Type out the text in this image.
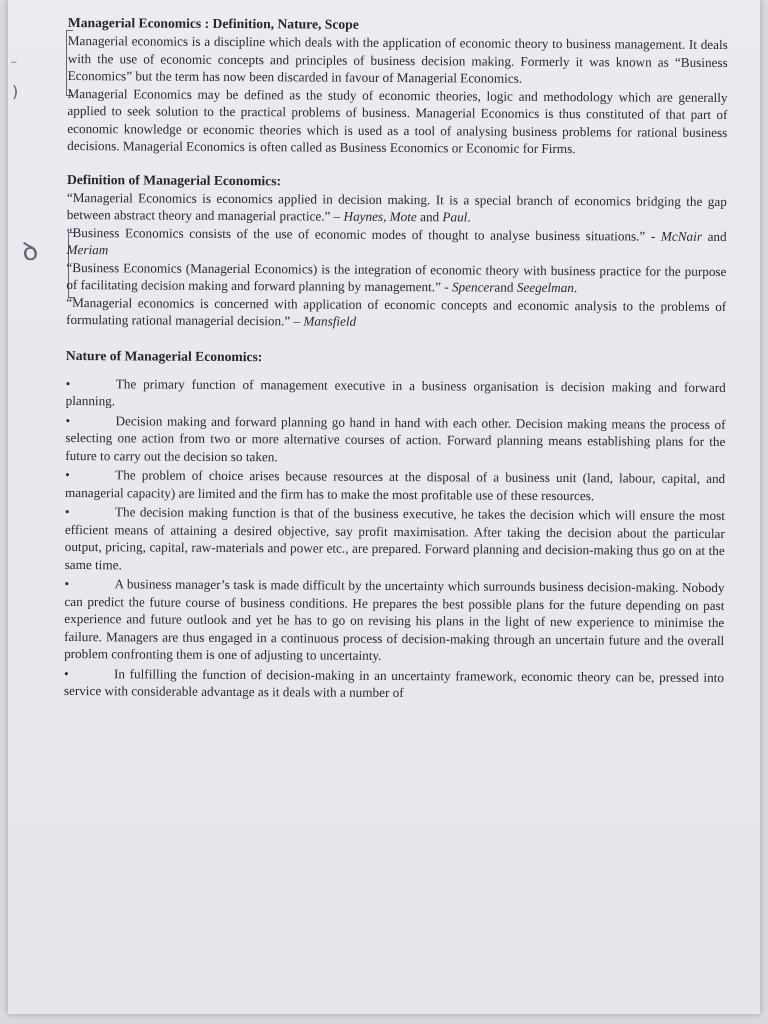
~
)
ꝺ
Managerial Economics : Definition, Nature, Scope

Managerial economics is a discipline which deals with the application of economic theory to business management. It deals with the use of economic concepts and principles of business decision making. Formerly it was known as “Business Economics” but the term has now been discarded in favour of Managerial Economics.

Managerial Economics may be defined as the study of economic theories, logic and methodology which are generally applied to seek solution to the practical problems of business. Managerial Economics is thus constituted of that part of economic knowledge or economic theories which is used as a tool of analysing business problems for rational business decisions. Managerial Economics is often called as Business Economics or Economic for Firms.

Definition of Managerial Economics:

“Managerial Economics is economics applied in decision making. It is a special branch of economics bridging the gap between abstract theory and managerial practice.” – Haynes, Mote and Paul.

“Business Economics consists of the use of economic modes of thought to analyse business situations.” - McNair and Meriam

“Business Economics (Managerial Economics) is the integration of economic theory with business practice for the purpose of facilitating decision making and forward planning by management.” - Spencerand Seegelman.

“Managerial economics is concerned with application of economic concepts and economic analysis to the problems of formulating rational managerial decision.” – Mansfield

Nature of Managerial Economics:
•	The primary function of management executive in a business organisation is decision making and forward planning.
•	Decision making and forward planning go hand in hand with each other. Decision making means the process of selecting one action from two or more alternative courses of action. Forward planning means establishing plans for the future to carry out the decision so taken.
•	The problem of choice arises because resources at the disposal of a business unit (land, labour, capital, and managerial capacity) are limited and the firm has to make the most profitable use of these resources.
•	The decision making function is that of the business executive, he takes the decision which will ensure the most efficient means of attaining a desired objective, say profit maximisation. After taking the decision about the particular output, pricing, capital, raw-materials and power etc., are prepared. Forward planning and decision-making thus go on at the same time.
•	A business manager’s task is made difficult by the uncertainty which surrounds business decision-making. Nobody can predict the future course of business conditions. He prepares the best possible plans for the future depending on past experience and future outlook and yet he has to go on revising his plans in the light of new experience to minimise the failure. Managers are thus engaged in a continuous process of decision-making through an uncertain future and the overall problem confronting them is one of adjusting to uncertainty.
•	In fulfilling the function of decision-making in an uncertainty framework, economic theory can be, pressed into service with considerable advantage as it deals with a number of
